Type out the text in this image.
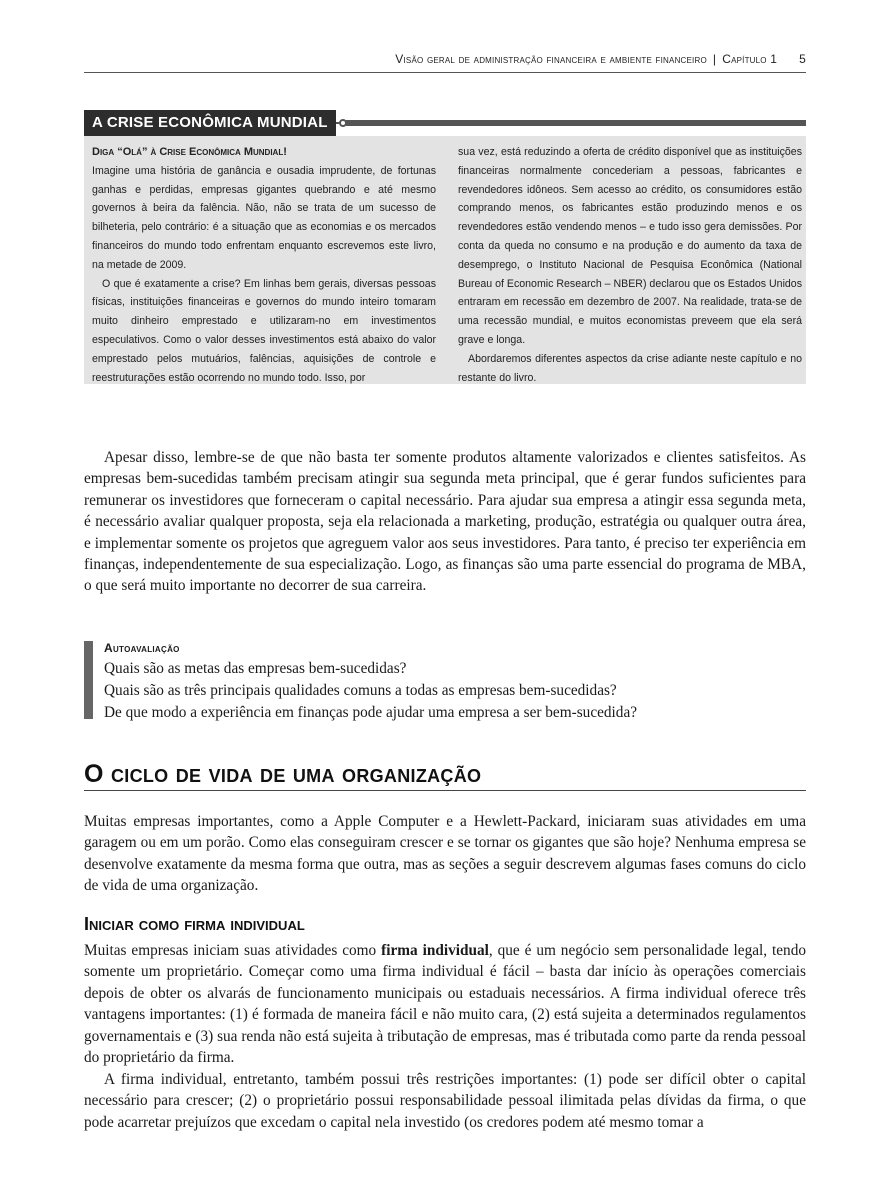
Visão geral de administração financeira e ambiente financeiro | Capítulo 1 5
A CRISE ECONÔMICA MUNDIAL

Diga “Olá” à Crise Econômica Mundial!

Imagine uma história de ganância e ousadia imprudente, de fortunas ganhas e perdidas, empresas gigantes quebrando e até mesmo governos à beira da falência. Não, não se trata de um sucesso de bilheteria, pelo contrário: é a situação que as economias e os mercados financeiros do mundo todo enfrentam enquanto escrevemos este livro, na metade de 2009.

O que é exatamente a crise? Em linhas bem gerais, diversas pessoas físicas, instituições financeiras e governos do mundo inteiro tomaram muito dinheiro emprestado e utilizaram-no em investimentos especulativos. Como o valor desses investimentos está abaixo do valor emprestado pelos mutuários, falências, aquisições de controle e reestruturações estão ocorrendo no mundo todo. Isso, por

sua vez, está reduzindo a oferta de crédito disponível que as instituições financeiras normalmente concederiam a pessoas, fabricantes e revendedores idôneos. Sem acesso ao crédito, os consumidores estão comprando menos, os fabricantes estão produzindo menos e os revendedores estão vendendo menos – e tudo isso gera demissões. Por conta da queda no consumo e na produção e do aumento da taxa de desemprego, o Instituto Nacional de Pesquisa Econômica (National Bureau of Economic Research – NBER) declarou que os Estados Unidos entraram em recessão em dezembro de 2007. Na realidade, trata-se de uma recessão mundial, e muitos economistas preveem que ela será grave e longa.

Abordaremos diferentes aspectos da crise adiante neste capítulo e no restante do livro.

Apesar disso, lembre-se de que não basta ter somente produtos altamente valorizados e clientes satisfeitos. As empresas bem-sucedidas também precisam atingir sua segunda meta principal, que é gerar fundos suficientes para remunerar os investidores que forneceram o capital necessário. Para ajudar sua empresa a atingir essa segunda meta, é necessário avaliar qualquer proposta, seja ela relacionada a marketing, produção, estratégia ou qualquer outra área, e implementar somente os projetos que agreguem valor aos seus investidores. Para tanto, é preciso ter experiência em finanças, independentemente de sua especialização. Logo, as finanças são uma parte essencial do programa de MBA, o que será muito importante no decorrer de sua carreira.
Autoavaliação
Quais são as metas das empresas bem-sucedidas?
Quais são as três principais qualidades comuns a todas as empresas bem-sucedidas?
De que modo a experiência em finanças pode ajudar uma empresa a ser bem-sucedida?
O ciclo de vida de uma organização
Muitas empresas importantes, como a Apple Computer e a Hewlett-Packard, iniciaram suas atividades em uma garagem ou em um porão. Como elas conseguiram crescer e se tornar os gigantes que são hoje? Nenhuma empresa se desenvolve exatamente da mesma forma que outra, mas as seções a seguir descrevem algumas fases comuns do ciclo de vida de uma organização.
Iniciar como firma individual
Muitas empresas iniciam suas atividades como firma individual, que é um negócio sem personalidade legal, tendo somente um proprietário. Começar como uma firma individual é fácil – basta dar início às operações comerciais depois de obter os alvarás de funcionamento municipais ou estaduais necessários. A firma individual oferece três vantagens importantes: (1) é formada de maneira fácil e não muito cara, (2) está sujeita a determinados regulamentos governamentais e (3) sua renda não está sujeita à tributação de empresas, mas é tributada como parte da renda pessoal do proprietário da firma.
A firma individual, entretanto, também possui três restrições importantes: (1) pode ser difícil obter o capital necessário para crescer; (2) o proprietário possui responsabilidade pessoal ilimitada pelas dívidas da firma, o que pode acarretar prejuízos que excedam o capital nela investido (os credores podem até mesmo tomar a
